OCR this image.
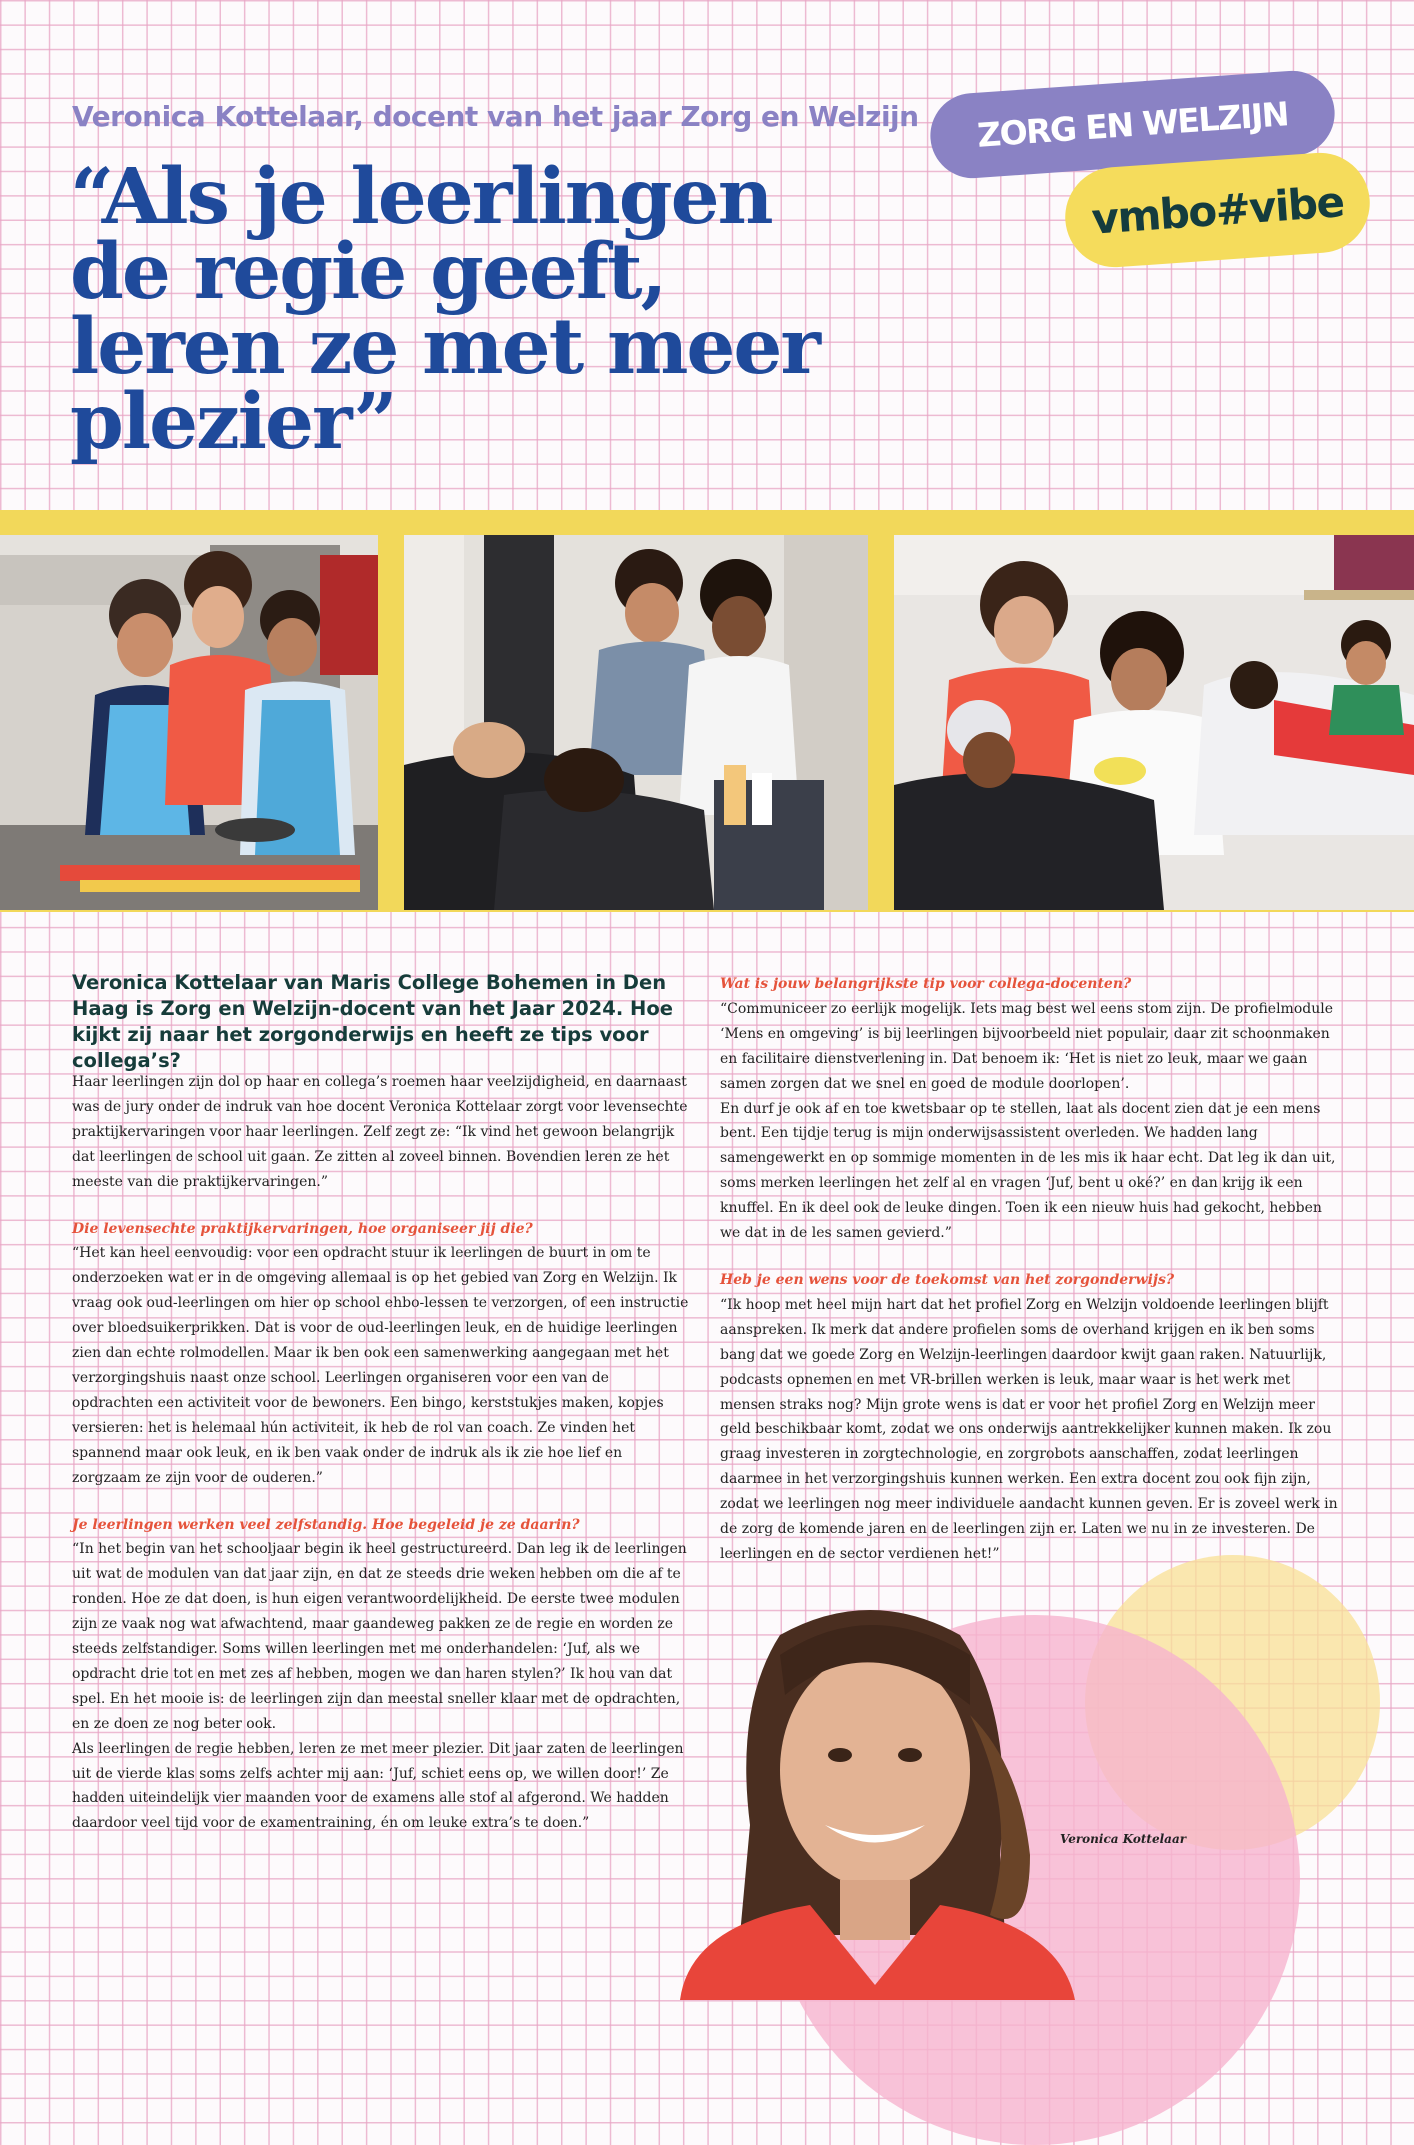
Veronica Kottelaar, docent van het jaar Zorg en Welzijn
“Als je leerlingen de regie geeft, leren ze met meer plezier”
ZORG EN WELZIJN
vmbo#vibe

Veronica Kottelaar van Maris College Bohemen in Den Haag is Zorg en Welzijn-docent van het Jaar 2024. Hoe kijkt zij naar het zorgonderwijs en heeft ze tips voor collega’s?

Haar leerlingen zijn dol op haar en collega’s roemen haar veelzijdigheid, en daarnaast was de jury onder de indruk van hoe docent Veronica Kottelaar zorgt voor levensechte praktijkervaringen voor haar leerlingen. Zelf zegt ze: “Ik vind het gewoon belangrijk dat leerlingen de school uit gaan. Ze zitten al zoveel binnen. Bovendien leren ze het meeste van die praktijkervaringen.”

Die levensechte praktijkervaringen, hoe organiseer jij die?
“Het kan heel eenvoudig: voor een opdracht stuur ik leerlingen de buurt in om te onderzoeken wat er in de omgeving allemaal is op het gebied van Zorg en Welzijn. Ik vraag ook oud-leerlingen om hier op school ehbo-lessen te verzorgen, of een instructie over bloedsuikerprikken. Dat is voor de oud-leerlingen leuk, en de huidige leerlingen zien dan echte rolmodellen. Maar ik ben ook een samenwerking aangegaan met het verzorgingshuis naast onze school. Leerlingen organiseren voor een van de opdrachten een activiteit voor de bewoners. Een bingo, kerststukjes maken, kopjes versieren: het is helemaal hún activiteit, ik heb de rol van coach. Ze vinden het spannend maar ook leuk, en ik ben vaak onder de indruk als ik zie hoe lief en zorgzaam ze zijn voor de ouderen.”

Je leerlingen werken veel zelfstandig. Hoe begeleid je ze daarin?
“In het begin van het schooljaar begin ik heel gestructureerd. Dan leg ik de leerlingen uit wat de modulen van dat jaar zijn, en dat ze steeds drie weken hebben om die af te ronden. Hoe ze dat doen, is hun eigen verantwoordelijkheid. De eerste twee modulen zijn ze vaak nog wat afwachtend, maar gaandeweg pakken ze de regie en worden ze steeds zelfstandiger. Soms willen leerlingen met me onderhandelen: ‘Juf, als we opdracht drie tot en met zes af hebben, mogen we dan haren stylen?’ Ik hou van dat spel. En het mooie is: de leerlingen zijn dan meestal sneller klaar met de opdrachten, en ze doen ze nog beter ook.

Als leerlingen de regie hebben, leren ze met meer plezier. Dit jaar zaten de leerlingen uit de vierde klas soms zelfs achter mij aan: ‘Juf, schiet eens op, we willen door!’ Ze hadden uiteindelijk vier maanden voor de examens alle stof al afgerond. We hadden daardoor veel tijd voor de examentraining, én om leuke extra’s te doen.”

Wat is jouw belangrijkste tip voor collega-docenten?
“Communiceer zo eerlijk mogelijk. Iets mag best wel eens stom zijn. De profielmodule ‘Mens en omgeving’ is bij leerlingen bijvoorbeeld niet populair, daar zit schoonmaken en facilitaire dienstverlening in. Dat benoem ik: ‘Het is niet zo leuk, maar we gaan samen zorgen dat we snel en goed de module doorlopen’.

En durf je ook af en toe kwetsbaar op te stellen, laat als docent zien dat je een mens bent. Een tijdje terug is mijn onderwijsassistent overleden. We hadden lang samengewerkt en op sommige momenten in de les mis ik haar echt. Dat leg ik dan uit, soms merken leerlingen het zelf al en vragen ‘Juf, bent u oké?’ en dan krijg ik een knuffel. En ik deel ook de leuke dingen. Toen ik een nieuw huis had gekocht, hebben we dat in de les samen gevierd.”

Heb je een wens voor de toekomst van het zorgonderwijs?
“Ik hoop met heel mijn hart dat het profiel Zorg en Welzijn voldoende leerlingen blijft aanspreken. Ik merk dat andere profielen soms de overhand krijgen en ik ben soms bang dat we goede Zorg en Welzijn-leerlingen daardoor kwijt gaan raken. Natuurlijk, podcasts opnemen en met VR-brillen werken is leuk, maar waar is het werk met mensen straks nog? Mijn grote wens is dat er voor het profiel Zorg en Welzijn meer geld beschikbaar komt, zodat we ons onderwijs aantrekkelijker kunnen maken. Ik zou graag investeren in zorgtechnologie, en zorgrobots aanschaffen, zodat leerlingen daarmee in het verzorgingshuis kunnen werken. Een extra docent zou ook fijn zijn, zodat we leerlingen nog meer individuele aandacht kunnen geven. Er is zoveel werk in de zorg de komende jaren en de leerlingen zijn er. Laten we nu in ze investeren. De leerlingen en de sector verdienen het!”

Veronica Kottelaar
